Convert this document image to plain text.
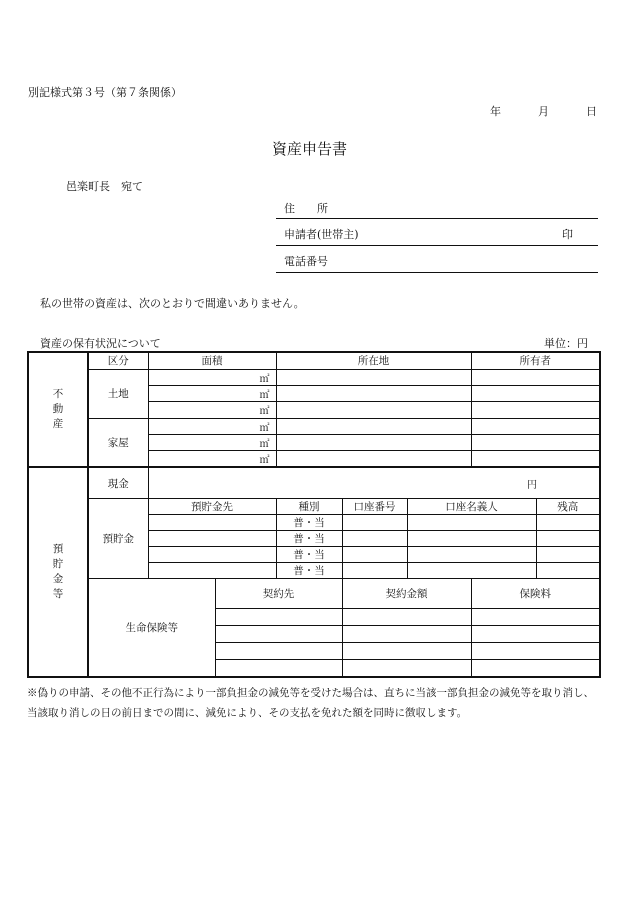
別記様式第３号（第７条関係）
年	月	日
資産申告書
邑楽町長　宛て
住　　所
申請者(世帯主)	印
電話番号
私の世帯の資産は、次のとおりで間違いありません。
資産の保有状況について	単位：円
不動産	区分	面積	所在地	所有者
	土地	㎡		
		㎡		
		㎡		
	家屋	㎡		
		㎡		
		㎡		
預貯金等	現金	円						
	預貯金	預貯金先		種別	口座番号	口座名義人		残高
				普・当				
				普・当				
				普・当				
				普・当				
	生命保険等		契約先		契約金額		保険料	

※偽りの申請、その他不正行為により一部負担金の減免等を受けた場合は、直ちに当該一部負担金の減免等を取り消し、当該取り消しの日の前日までの間に、減免により、その支払を免れた額を同時に徴収します。
